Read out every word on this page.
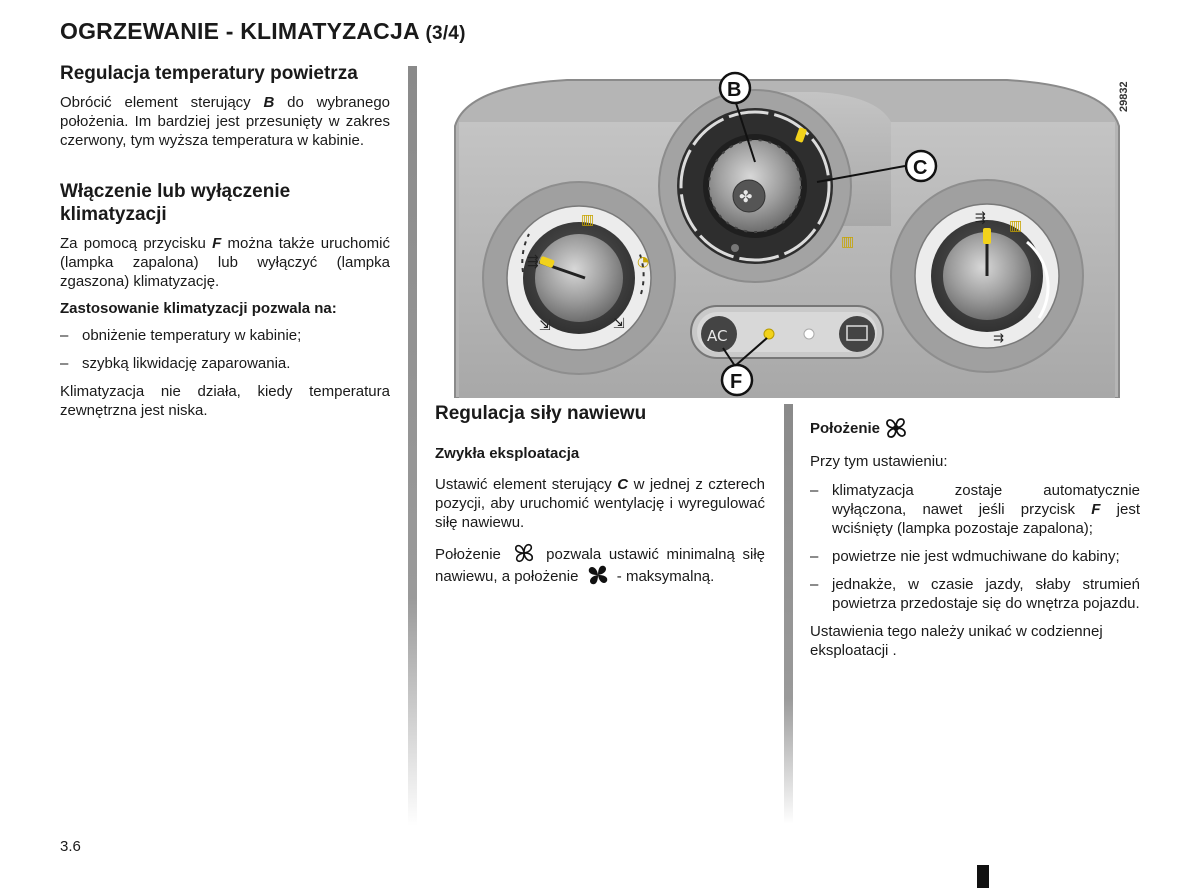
OGRZEWANIE - KLIMATYZACJA (3/4)
Regulacja temperatury powietrza

Obrócić element sterujący B do wybranego położenia. Im bardziej jest przesunięty w zakres czerwony, tym wyższa temperatura w kabinie.

Włączenie lub wyłączenie klimatyzacji

Za pomocą przycisku F można także uruchomić (lampka zapalona) lub wyłączyć (lampka zgaszona) klimatyzację.

Zastosowanie klimatyzacji pozwala na:

– obniżenie temperatury w kabinie;
– szybką likwidację zaparowania.

Klimatyzacja nie działa, kiedy temperatura zewnętrzna jest niska.

▥
⇶	◔
⇲	⇲
✤
▥
⇶ ▥
⇉
AC
B
C
F
29832
Regulacja siły nawiewu

Zwykła eksploatacja

Ustawić element sterujący C w jednej z czterech pozycji, aby uruchomić wentylację i wyregulować siłę nawiewu.

Położenie	pozwala ustawić minimalną siłę nawiewu, a położenie	- maksymalną.

Położenie

Przy tym ustawieniu:

– klimatyzacja zostaje automatycznie wyłączona, nawet jeśli przycisk F jest wciśnięty (lampka pozostaje zapalona);
– powietrze nie jest wdmuchiwane do kabiny;
– jednakże, w czasie jazdy, słaby strumień powietrza przedostaje się do wnętrza pojazdu.

Ustawienia tego należy unikać w codziennej eksploatacji .

3.6
